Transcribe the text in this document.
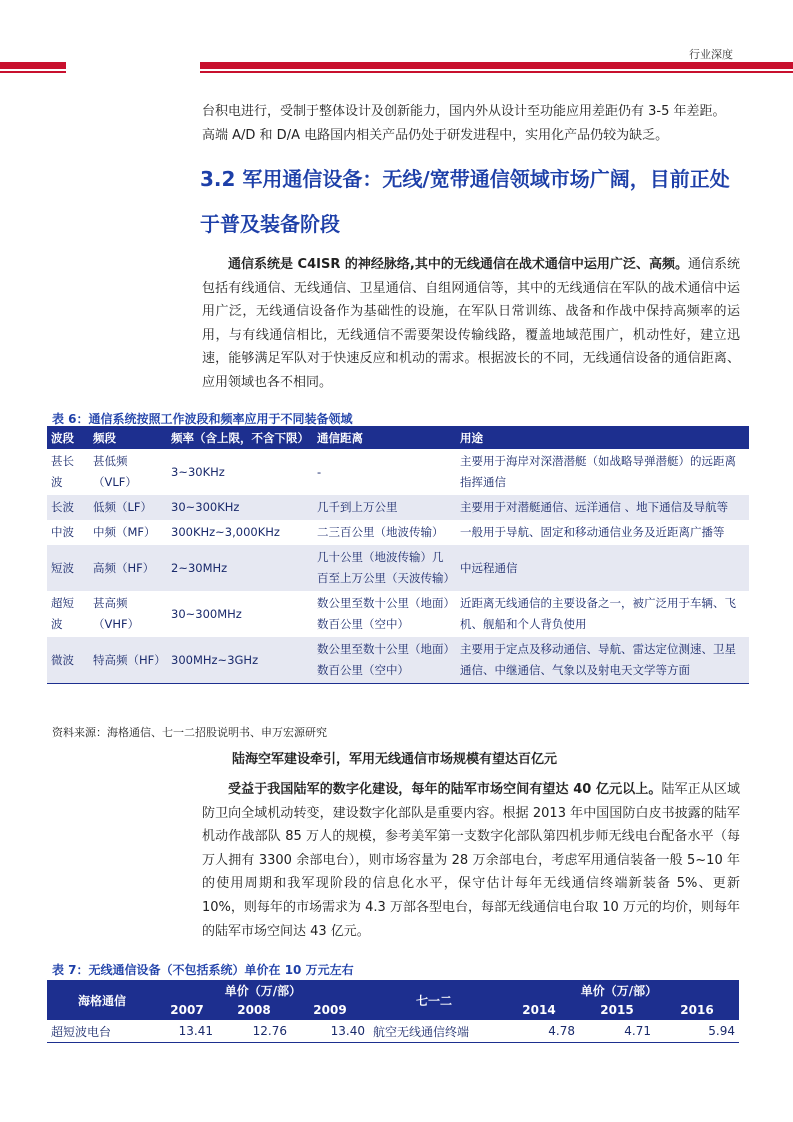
行业深度
台积电进行，受制于整体设计及创新能力，国内外从设计至功能应用差距仍有 3-5 年差距。
高端 A/D 和 D/A 电路国内相关产品仍处于研发进程中，实用化产品仍较为缺乏。
3.2 军用通信设备：无线/宽带通信领域市场广阔，目前正处
于普及装备阶段
通信系统是 C4ISR 的神经脉络,其中的无线通信在战术通信中运用广泛、高频。通信系统包括有线通信、无线通信、卫星通信、自组网通信等，其中的无线通信在军队的战术通信中运用广泛，无线通信设备作为基础性的设施，在军队日常训练、战备和作战中保持高频率的运用，与有线通信相比，无线通信不需要架设传输线路，覆盖地域范围广，机动性好，建立迅速，能够满足军队对于快速反应和机动的需求。根据波长的不同，无线通信设备的通信距离、应用领域也各不相同。
表 6：通信系统按照工作波段和频率应用于不同装备领域
波段	频段	频率（含上限，不含下限）	通信距离	用途
甚长波	甚低频（VLF）	3~30KHz	-	主要用于海岸对深潜潜艇（如战略导弹潜艇）的远距离指挥通信
长波	低频（LF）	30~300KHz	几千到上万公里	主要用于对潜艇通信、远洋通信 、地下通信及导航等
中波	中频（MF）	300KHz~3,000KHz	二三百公里（地波传输）	一般用于导航、固定和移动通信业务及近距离广播等
短波	高频（HF）	2~30MHz	几十公里（地波传输）几百至上万公里（天波传输）	中远程通信
超短波	甚高频（VHF）	30~300MHz	数公里至数十公里（地面）数百公里（空中）	近距离无线通信的主要设备之一，被广泛用于车辆、飞机、舰船和个人背负使用
微波	特高频（HF）	300MHz~3GHz	数公里至数十公里（地面）数百公里（空中）	主要用于定点及移动通信、导航、雷达定位测速、卫星通信、中继通信、气象以及射电天文学等方面
资料来源：海格通信、七一二招股说明书、申万宏源研究
陆海空军建设牵引，军用无线通信市场规模有望达百亿元
受益于我国陆军的数字化建设，每年的陆军市场空间有望达 40 亿元以上。陆军正从区域防卫向全域机动转变，建设数字化部队是重要内容。根据 2013 年中国国防白皮书披露的陆军机动作战部队 85 万人的规模，参考美军第一支数字化部队第四机步师无线电台配备水平（每万人拥有 3300 余部电台），则市场容量为 28 万余部电台，考虑军用通信装备一般 5~10 年的使用周期和我军现阶段的信息化水平，保守估计每年无线通信终端新装备 5%、更新 10%，则每年的市场需求为 4.3 万部各型电台，每部无线通信电台取 10 万元的均价，则每年的陆军市场空间达 43 亿元。
表 7：无线通信设备（不包括系统）单价在 10 万元左右
海格通信	单价（万/部）			七一二	单价（万/部）		
	2007	2008	2009		2014	2015	2016
超短波电台	13.41	12.76	13.40	航空无线通信终端	4.78	4.71	5.94
